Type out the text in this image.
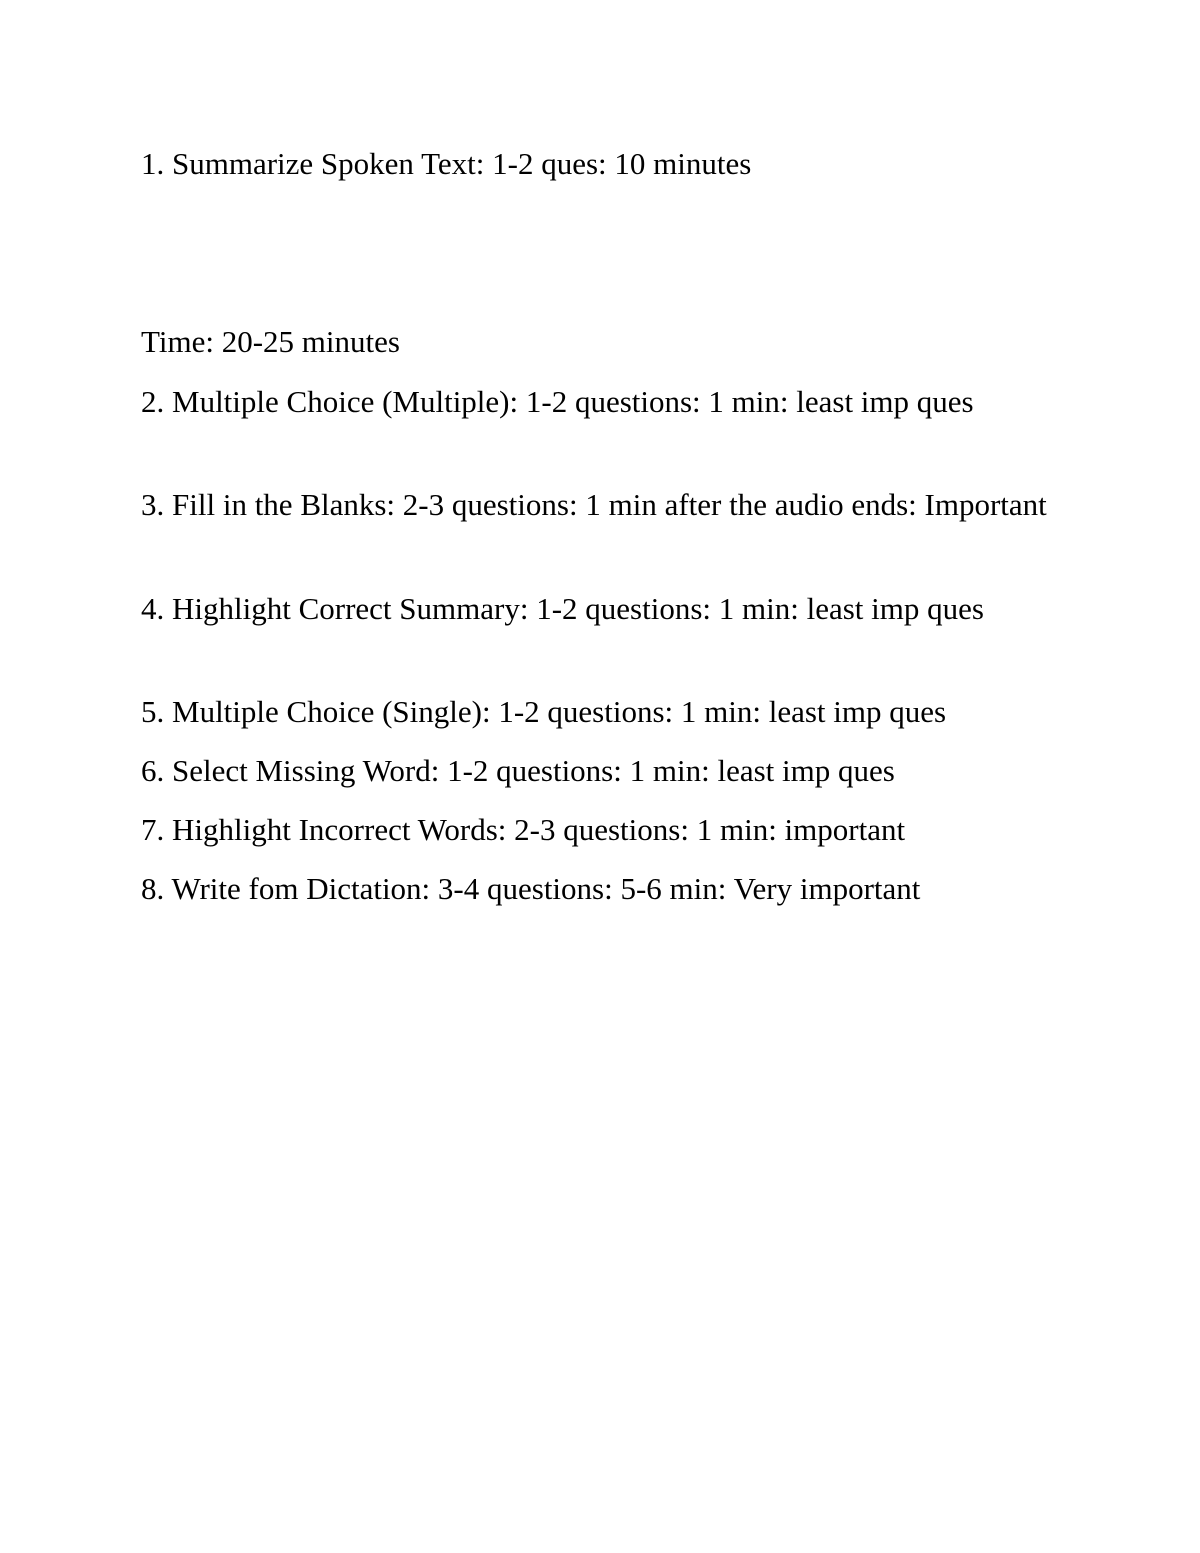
1. Summarize Spoken Text: 1-2 ques: 10 minutes

Time: 20-25 minutes

2. Multiple Choice (Multiple): 1-2 questions: 1 min: least imp ques

3. Fill in the Blanks: 2-3 questions: 1 min after the audio ends: Important

4. Highlight Correct Summary: 1-2 questions: 1 min: least imp ques

5. Multiple Choice (Single): 1-2 questions: 1 min: least imp ques

6. Select Missing Word: 1-2 questions: 1 min: least imp ques

7. Highlight Incorrect Words: 2-3 questions: 1 min: important

8. Write fom Dictation: 3-4 questions: 5-6 min: Very important
